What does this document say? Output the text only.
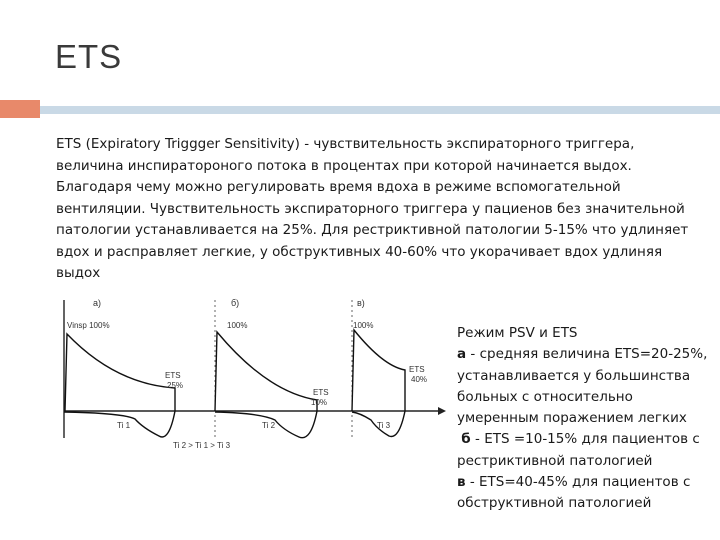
ETS
ETS (Expiratory Triggger Sensitivity) - чувствительность экспираторного триггера, величина инспиратороного потока в процентах при которой начинается выдох. Благодаря чему можно регулировать время вдоха в режиме вспомогательной вентиляции. Чувствительность экспираторного триггера у пациенов без значительной патологии устанавливается на 25%. Для рестриктивной патологии 5-15% что удлиняет вдох и расправляет легкие, у обструктивных 40-60% что укорачивает вдох удлиняя выдох
а)	б)	в)
Vinsp 100%	100%	100%
ETS
25%
ETS
10%
ETS
40%
Ti 1	Ti 2	Ti 3
Ti 2 > Ti 1 > Ti 3
Режим PSV и ETS
а - средняя величина ETS=20-25%, устанавливается у большинства больных с относительно умеренным поражением легких
б - ETS =10-15% для пациентов с рестриктивной патологией
в - ETS=40-45% для пациентов с обструктивной патологией
